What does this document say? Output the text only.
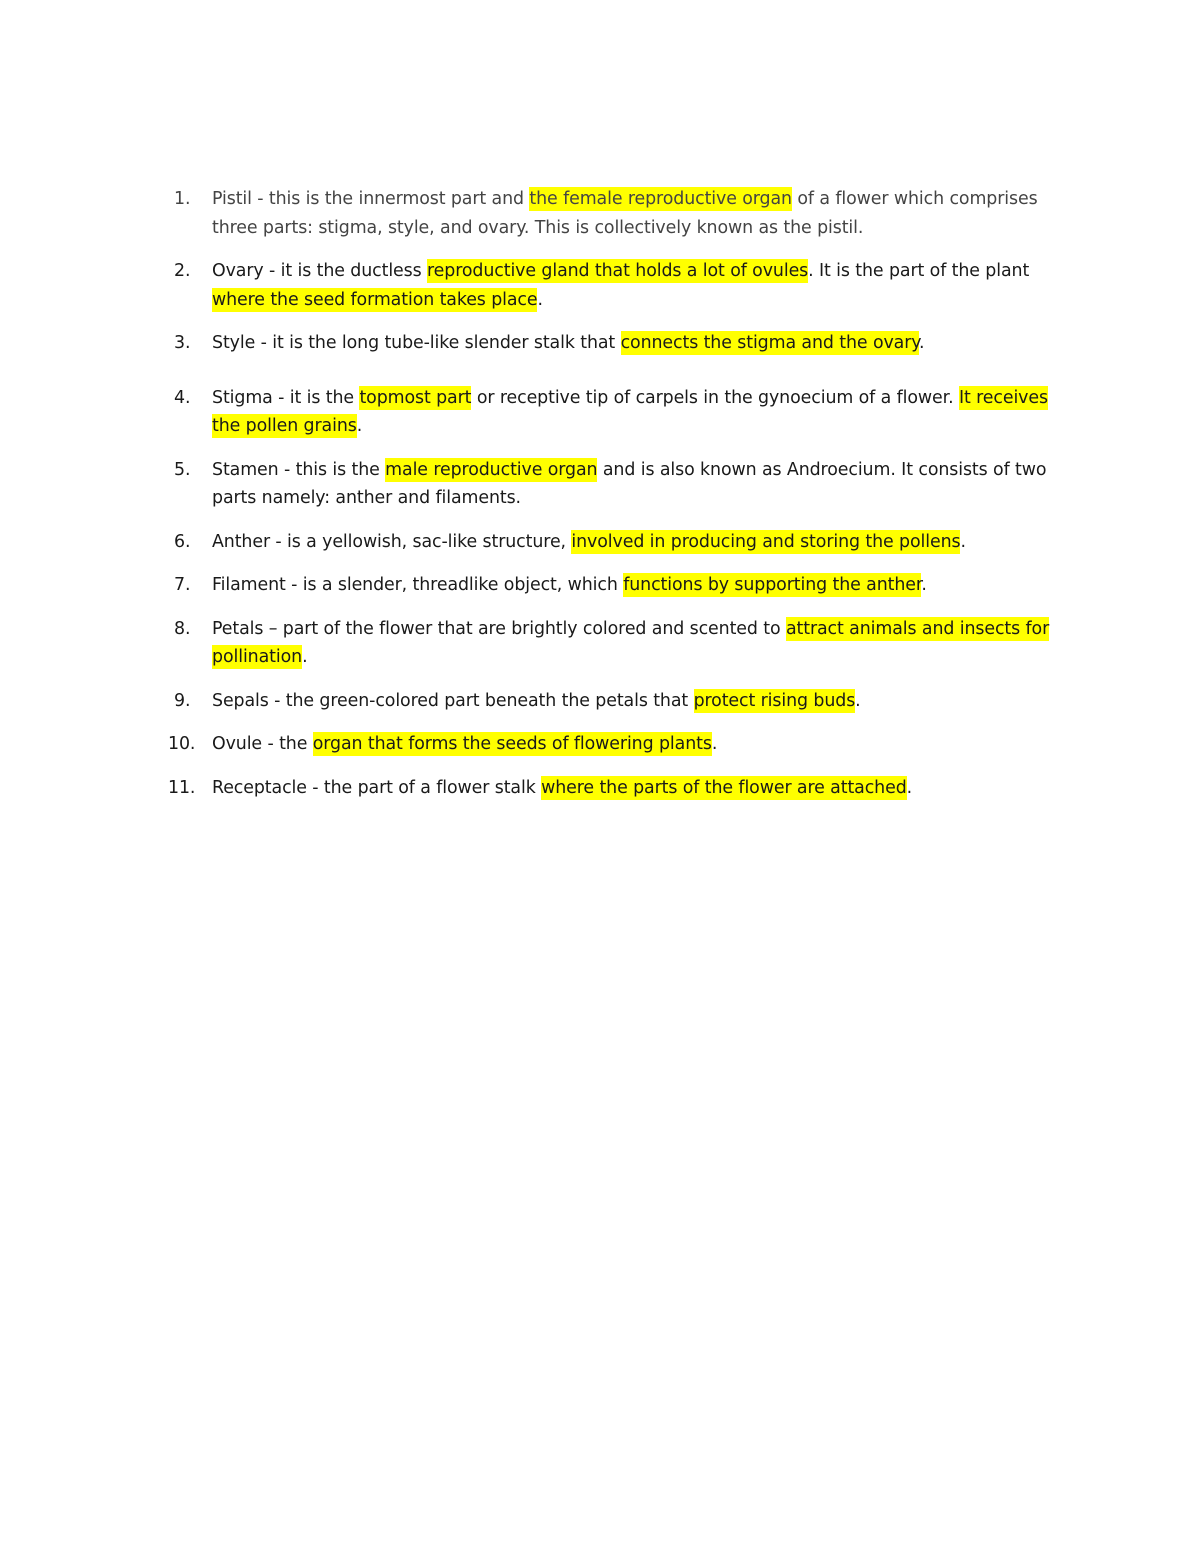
1.	Pistil - this is the innermost part and the female reproductive organ of a flower which comprises three parts: stigma, style, and ovary. This is collectively known as the pistil.
2.	Ovary - it is the ductless reproductive gland that holds a lot of ovules. It is the part of the plant where the seed formation takes place.
3.	Style - it is the long tube-like slender stalk that connects the stigma and the ovary.
4.	Stigma - it is the topmost part or receptive tip of carpels in the gynoecium of a flower. It receives the pollen grains.
5.	Stamen - this is the male reproductive organ and is also known as Androecium. It consists of two parts namely: anther and filaments.
6.	Anther - is a yellowish, sac-like structure, involved in producing and storing the pollens.
7.	Filament - is a slender, threadlike object, which functions by supporting the anther.
8.	Petals – part of the flower that are brightly colored and scented to attract animals and insects for pollination.
9.	Sepals - the green-colored part beneath the petals that protect rising buds.
10. Ovule - the organ that forms the seeds of flowering plants.
11. Receptacle - the part of a flower stalk where the parts of the flower are attached.
